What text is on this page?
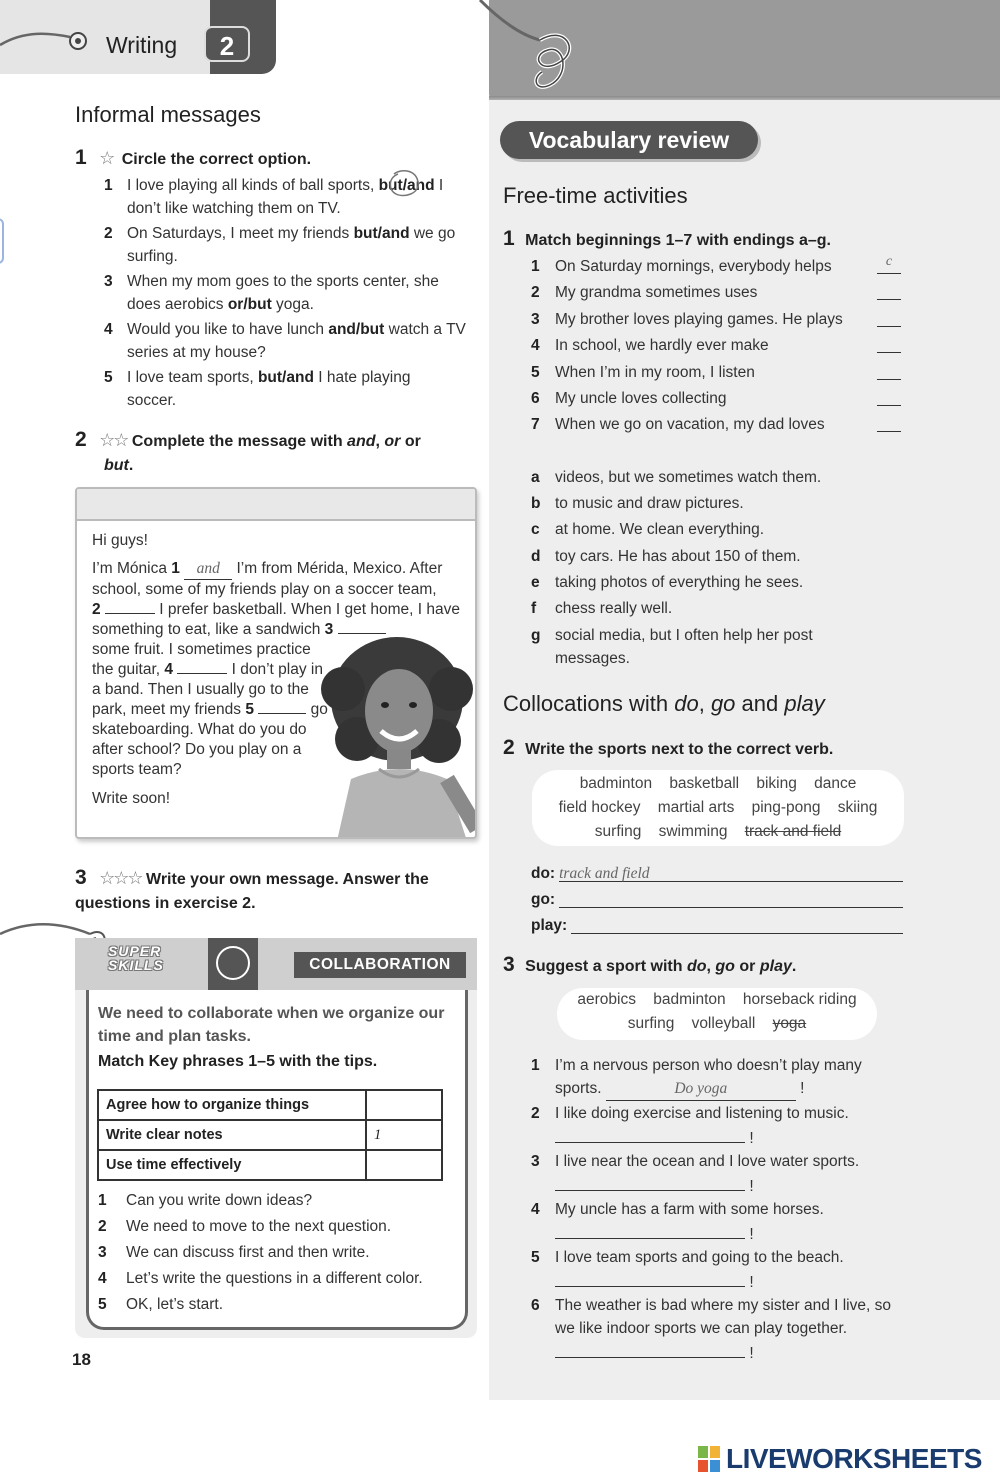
Writing	2
Informal messages
1 ☆ Circle the correct option.
1 I love playing all kinds of ball sports, but/and I don’t like watching them on TV.
2 On Saturdays, I meet my friends but/and we go surfing.
3 When my mom goes to the sports center, she does aerobics or/but yoga.
4 Would you like to have lunch and/but watch a TV series at my house?
5 I love team sports, but/and I hate playing soccer.
2 ☆☆ Complete the message with and, or or
but.
Hi guys!
I’m Mónica 1 and I’m from Mérida, Mexico. After school, some of my friends play on a soccer team,
2	I prefer basketball. When I get home, I have something to eat, like a sandwich 3
some fruit. I sometimes practice the guitar, 4	I don’t play in a band. Then I usually go to the park, meet my friends 5	go skateboarding. What do you do after school? Do you play on a sports team?
Write soon!
3 ☆☆☆ Write your own message. Answer the questions in exercise 2.
SUPER
SKILLS	COLLABORATION
We need to collaborate when we organize our time and plan tasks.
Match Key phrases 1–5 with the tips.
Agree how to organize things	
Write clear notes	1
Use time effectively	
1 Can you write down ideas?
2 We need to move to the next question.
3 We can discuss first and then write.
4 Let’s write the questions in a different color.
5 OK, let’s start.
18
Vocabulary review
Free-time activities
1 Match beginnings 1–7 with endings a–g.
1 On Saturday mornings, everybody helps	c
2 My grandma sometimes uses
3 My brother loves playing games. He plays
4 In school, we hardly ever make
5 When I’m in my room, I listen
6 My uncle loves collecting
7 When we go on vacation, my dad loves
a videos, but we sometimes watch them.
b to music and draw pictures.
c at home. We clean everything.
d toy cars. He has about 150 of them.
e taking photos of everything he sees.
f	chess really well.
g social media, but I often help her post messages.
Collocations with do, go and play
2 Write the sports next to the correct verb.
badminton basketball biking dance
field hockey martial arts ping-pong skiing
surfing swimming track and field
do: track and field
go:
play:
3 Suggest a sport with do, go or play.
aerobics badminton horseback riding
surfing volleyball yoga
1 I’m a nervous person who doesn’t play many sports.	Do yoga	!
2 I like doing exercise and listening to music.
!
3 I live near the ocean and I love water sports.
!
4 My uncle has a farm with some horses.
!
5 I love team sports and going to the beach.
!
6 The weather is bad where my sister and I live, so we like indoor sports we can play together.
!
LIVEWORKSHEETS
